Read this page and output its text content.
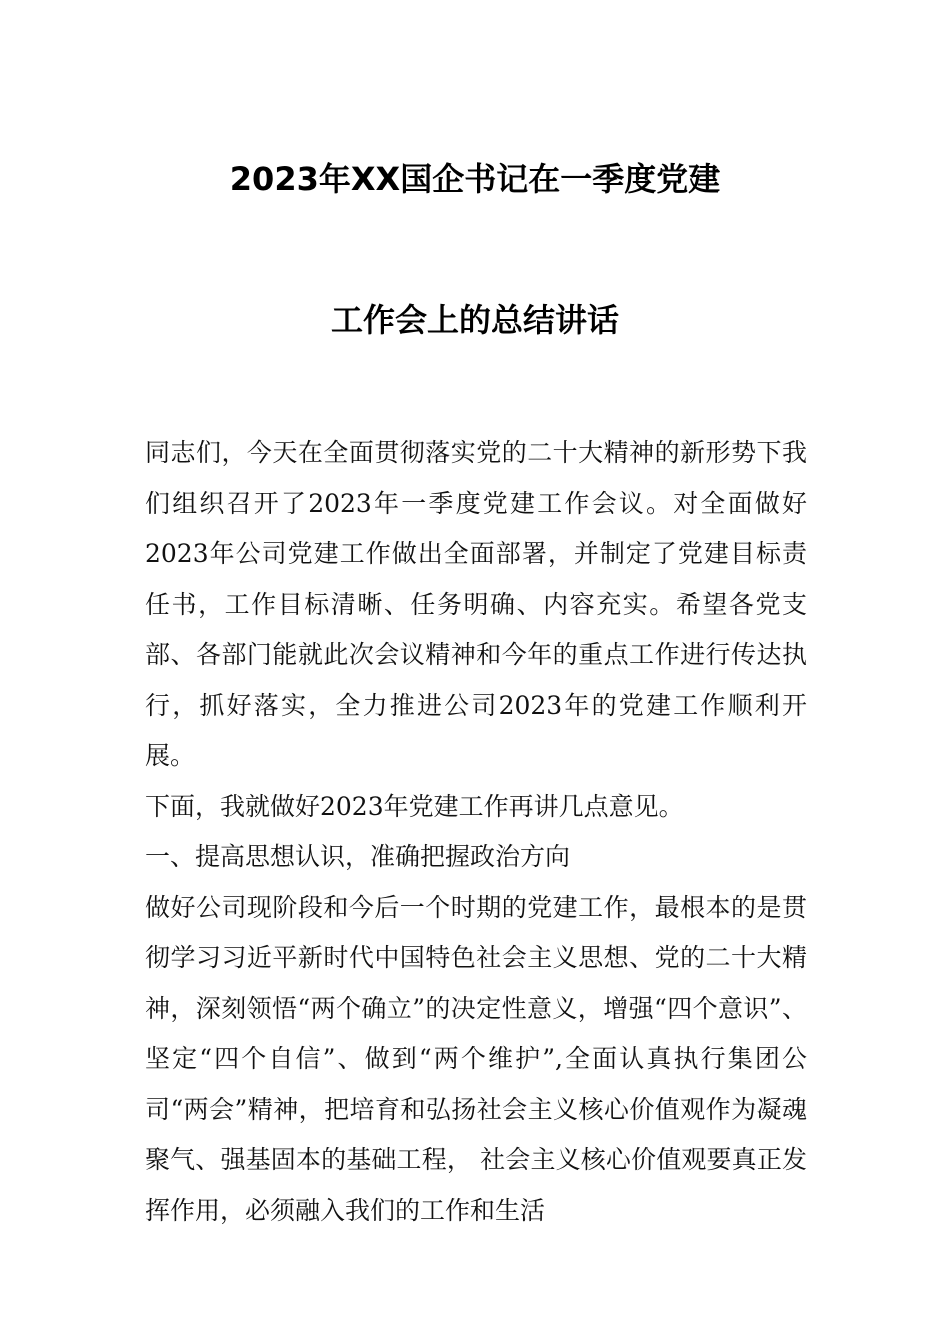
2023年XX国企书记在一季度党建
工作会上的总结讲话

同志们，今天在全面贯彻落实党的二十大精神的新形势下我们组织召开了2023年一季度党建工作会议。对全面做好2023年公司党建工作做出全面部署，并制定了党建目标责任书，工作目标清晰、任务明确、内容充实。希望各党支部、各部门能就此次会议精神和今年的重点工作进行传达执行，抓好落实，全力推进公司2023年的党建工作顺利开展。

下面，我就做好2023年党建工作再讲几点意见。

一、提高思想认识，准确把握政治方向

做好公司现阶段和今后一个时期的党建工作，最根本的是贯彻学习习近平新时代中国特色社会主义思想、党的二十大精神，深刻领悟“两个确立”的决定性意义，增强“四个意识”、坚定“四个自信”、做到“两个维护”,全面认真执行集团公司“两会”精神，把培育和弘扬社会主义核心价值观作为凝魂聚气、强基固本的基础工程， 社会主义核心价值观要真正发挥作用，必须融入我们的工作和生活
